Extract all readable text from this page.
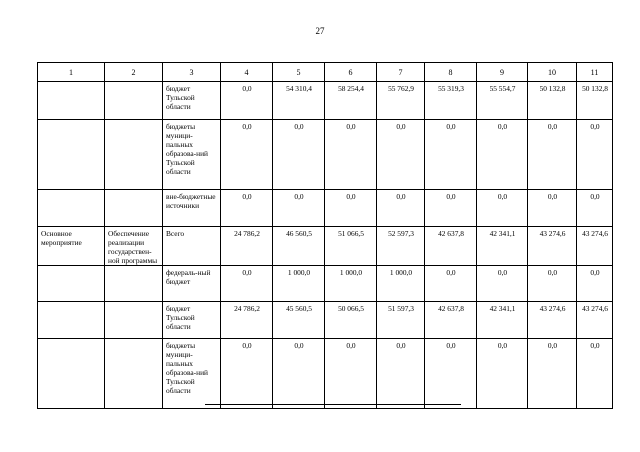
27
1	2	3	4	5	6	7	8	9	10	11
		бюджет Тульской области	0,0	54 310,4	58 254,4	55 762,9	55 319,3	55 554,7	50 132,8	50 132,8
		бюджеты муници-пальных образова-ний Тульской области	0,0	0,0	0,0	0,0	0,0	0,0	0,0	0,0
		вне-бюджетные источники	0,0	0,0	0,0	0,0	0,0	0,0	0,0	0,0
Основное мероприятие	Обеспечение реализации государствен-ной программы	Всего	24 786,2	46 560,5	51 066,5	52 597,3	42 637,8	42 341,1	43 274,6	43 274,6
		федераль-ный бюджет	0,0	1 000,0	1 000,0	1 000,0	0,0	0,0	0,0	0,0
		бюджет Тульской области	24 786,2	45 560,5	50 066,5	51 597,3	42 637,8	42 341,1	43 274,6	43 274,6
		бюджеты муници-пальных образова-ний Тульской области	0,0	0,0	0,0	0,0	0,0	0,0	0,0	0,0
